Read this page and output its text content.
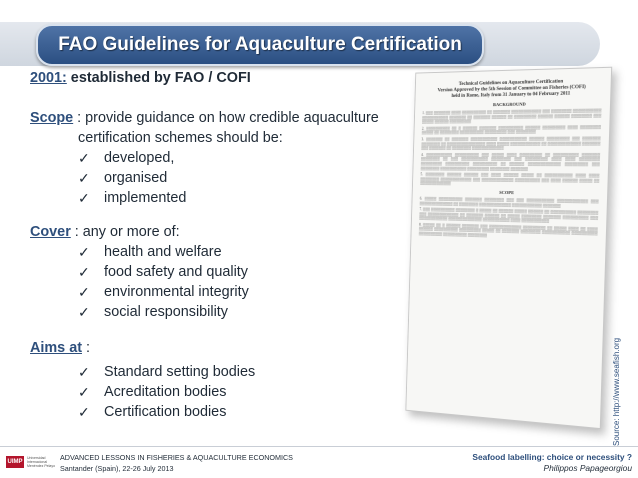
FAO Guidelines for Aquaculture Certification
2001: established by FAO / COFI
Scope : provide guidance on how credible aquaculture
certification schemes should be:
✓ developed,
✓ organised
✓ implemented
Cover : any or more of:
✓ health and welfare
✓ food safety and quality
✓ environmental integrity
✓ social responsibility
Aims at :
✓ Standard setting bodies
✓ Acreditation bodies
✓ Certification bodies
Technical Guidelines on Aquaculture Certification
Version Approved by the 5th Session of Committee on Fisheries (COFI)
held in Rome, Italy from 31 January to 04 February 2011
BACKGROUND
1. ▒▒▒ ▒▒▒▒▒▒▒ ▒▒▒▒ ▒▒▒▒▒▒▒▒▒▒ ▒▒ ▒▒▒▒▒▒▒ ▒▒▒▒▒▒▒▒▒▒▒▒ ▒▒▒ ▒▒▒▒▒▒▒▒ ▒▒▒▒▒▒▒▒▒▒▒ ▒▒▒▒▒▒▒▒▒▒▒ ▒▒▒▒▒▒▒ ▒▒ ▒▒▒▒▒▒▒ ▒▒▒▒▒▒ ▒▒ ▒▒▒▒▒▒▒▒▒ ▒▒▒▒▒▒ ▒▒▒▒▒▒ ▒▒▒▒▒▒▒▒ ▒▒▒ ▒▒▒▒▒ ▒▒▒▒▒▒ ▒▒▒▒▒▒▒▒▒
2. ▒▒▒▒▒▒▒▒▒▒ ▒▒ ▒ ▒▒▒▒▒▒ ▒▒▒▒▒▒▒ ▒▒▒▒▒▒▒▒▒▒ ▒▒▒▒▒▒ ▒▒▒▒▒▒▒▒▒ ▒▒▒▒ ▒▒▒▒▒▒▒▒ ▒▒▒▒▒ ▒▒ ▒▒▒▒▒▒▒▒ ▒▒▒▒▒▒▒▒▒▒ ▒▒▒▒▒▒▒▒▒ ▒▒▒ ▒▒▒▒▒▒▒▒
3. ▒▒▒▒▒▒▒ ▒▒ ▒▒▒▒▒▒▒ ▒▒▒▒▒▒▒▒▒▒▒ ▒▒▒▒▒▒▒▒▒▒▒ ▒▒▒▒▒▒ ▒▒▒▒▒▒▒▒▒ ▒▒▒ ▒▒▒▒▒▒▒ ▒▒▒▒▒▒▒▒ ▒▒ ▒▒▒▒▒▒▒▒▒▒▒▒▒▒▒▒ ▒▒▒▒ ▒▒▒▒▒ ▒▒▒▒▒▒▒▒▒▒▒▒ ▒▒ ▒▒▒▒▒▒▒▒▒▒▒▒▒ ▒▒▒▒▒▒▒ ▒▒▒ ▒▒▒▒▒▒▒ ▒▒ ▒▒▒▒▒▒▒▒ ▒▒▒▒▒▒▒▒▒▒▒▒▒
4. ▒▒▒▒▒▒▒▒▒▒▒ ▒▒▒▒▒▒▒▒▒▒ ▒▒▒ ▒▒▒▒▒ ▒▒▒▒ ▒▒▒▒▒▒▒▒▒ ▒▒ ▒▒▒▒▒▒▒▒▒▒ ▒▒▒▒▒▒▒ ▒▒▒▒▒▒▒▒ ▒▒ ▒▒▒ ▒▒▒▒▒▒▒▒▒▒▒ ▒▒▒▒▒▒▒▒ ▒▒▒ ▒▒▒▒▒▒▒▒▒ ▒▒▒▒ ▒▒▒▒ ▒▒▒▒▒▒▒▒ ▒▒▒▒▒▒▒▒▒ ▒▒▒▒▒▒▒▒▒▒ ▒▒▒▒▒▒▒▒▒▒ ▒▒ ▒▒▒▒▒▒ ▒▒▒▒▒▒▒▒▒▒▒▒▒ ▒▒▒▒▒▒▒▒▒ ▒▒▒ ▒▒▒▒▒▒▒▒ ▒▒▒▒▒▒▒▒▒▒▒ ▒▒▒▒▒▒▒▒▒ ▒▒▒▒▒▒▒▒ ▒▒▒▒▒▒▒
5. ▒▒▒▒▒▒▒▒ ▒▒▒▒▒▒ ▒▒▒▒▒▒ ▒▒▒ ▒▒▒▒ ▒▒▒▒▒▒ ▒▒▒▒▒ ▒▒ ▒▒▒▒▒▒▒▒▒▒▒ ▒▒▒▒ ▒▒▒▒ ▒▒▒▒▒▒▒▒ ▒▒▒▒▒▒▒▒▒▒▒▒▒ ▒▒▒ ▒▒▒▒▒▒▒▒▒▒▒▒▒ ▒▒▒▒▒▒▒▒▒▒ ▒▒▒ ▒▒▒▒ ▒▒▒▒▒▒ ▒▒▒▒▒ ▒▒ ▒▒▒▒▒▒▒▒▒▒▒▒▒
SCOPE
6. ▒▒▒▒▒ ▒▒▒▒▒▒▒▒▒▒ ▒▒▒▒▒▒▒ ▒▒▒▒▒▒▒▒ ▒▒▒ ▒▒▒ ▒▒▒▒▒▒▒▒▒▒▒ ▒▒▒▒▒▒▒▒▒▒▒▒ ▒▒▒ ▒▒▒▒▒▒▒▒▒▒▒▒▒▒ ▒▒ ▒▒▒▒▒▒▒▒ ▒▒▒▒▒▒▒▒▒▒▒▒▒ ▒▒▒▒▒▒▒▒▒▒▒▒ ▒▒▒▒▒▒▒
7. ▒▒▒ ▒▒▒▒▒▒▒▒▒▒ ▒▒▒▒▒▒▒▒ ▒ ▒▒▒▒▒ ▒▒ ▒▒▒▒▒▒ ▒▒▒▒▒ ▒▒▒▒▒▒ ▒▒ ▒▒▒▒▒▒▒▒▒▒ ▒▒▒▒▒▒▒▒ ▒▒▒ ▒▒▒▒▒▒▒▒▒▒▒▒▒ ▒▒ ▒▒▒▒▒▒▒ ▒▒▒▒▒▒ ▒▒ ▒▒▒▒▒ ▒▒▒▒▒▒▒▒ ▒▒▒▒▒▒▒ ▒▒▒▒▒▒▒▒▒▒ ▒▒▒ ▒▒▒▒▒▒▒▒▒▒▒▒ ▒▒▒▒▒▒▒▒▒▒▒▒▒▒ ▒▒▒▒▒▒▒▒▒▒▒ ▒▒▒▒ ▒▒▒▒▒▒▒▒▒▒▒
8. ▒▒▒▒▒ ▒▒ ▒ ▒▒▒▒▒▒ ▒▒▒▒▒▒▒ ▒▒▒ ▒▒▒▒▒▒▒▒▒▒▒▒▒ ▒▒▒▒▒▒▒▒▒ ▒▒ ▒▒▒▒▒ ▒▒▒▒ ▒▒ ▒▒▒▒ ▒▒▒▒▒▒ ▒▒▒▒▒▒▒▒▒▒ ▒▒▒▒▒▒▒▒▒ ▒▒▒▒▒ ▒▒ ▒▒▒▒▒▒▒ ▒▒▒▒▒▒▒▒ ▒▒▒▒▒▒▒▒▒▒▒ ▒▒▒▒▒▒▒▒▒▒ ▒▒▒▒▒▒▒▒▒▒ ▒▒▒▒▒▒▒▒▒▒ ▒▒▒▒▒▒▒▒
Source: http://www.seafish.org
UIMP
Universidad Internacional Menéndez Pelayo
ADVANCED LESSONS IN FISHERIES & AQUACULTURE ECONOMICS
Santander (Spain), 22-26 July 2013
Seafood labelling: choice or necessity ?
Philippos Papageorgiou
